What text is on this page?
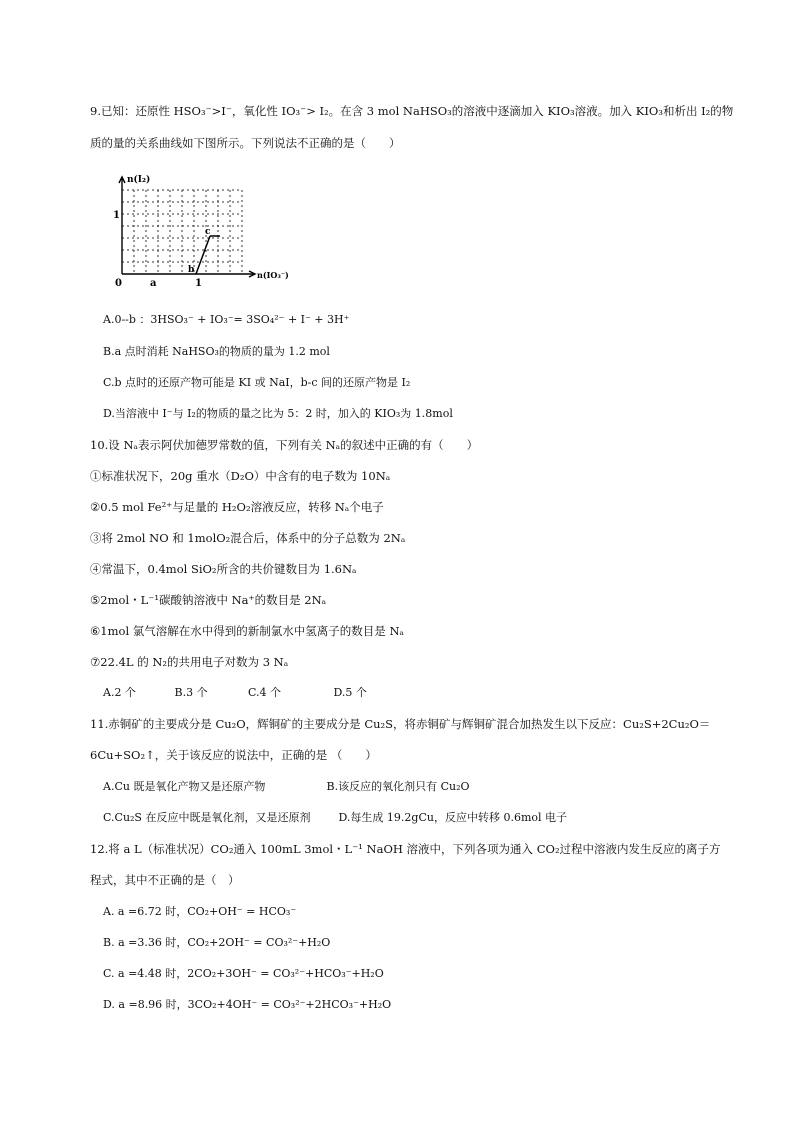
9.已知：还原性 HSO₃⁻>I⁻，氧化性 IO₃⁻> I₂。在含 3 mol NaHSO₃的溶液中逐滴加入 KIO₃溶液。加入 KIO₃和析出 I₂的物
质的量的关系曲线如下图所示。下列说法不正确的是（　　）
n(I₂)
n(IO₃⁻)
0	a	1
1
b
c
A.0--b ：3HSO₃⁻ + IO₃⁻= 3SO₄²⁻ + I⁻ + 3H⁺
B.a 点时消耗 NaHSO₃的物质的量为 1.2 mol
C.b 点时的还原产物可能是 KI 或 NaI，b-c 间的还原产物是 I₂
D.当溶液中 I⁻与 I₂的物质的量之比为 5：2 时，加入的 KIO₃为 1.8mol
10.设 Nₐ表示阿伏加德罗常数的值，下列有关 Nₐ的叙述中正确的有（　　）
①标准状况下，20g 重水（D₂O）中含有的电子数为 10Nₐ
②0.5 mol Fe²⁺与足量的 H₂O₂溶液反应，转移 Nₐ个电子
③将 2mol NO 和 1molO₂混合后，体系中的分子总数为 2Nₐ
④常温下，0.4mol SiO₂所含的共价键数目为 1.6Nₐ
⑤2mol・L⁻¹碳酸钠溶液中 Na⁺的数目是 2Nₐ
⑥1mol 氯气溶解在水中得到的新制氯水中氢离子的数目是 Nₐ
⑦22.4L 的 N₂的共用电子对数为 3 Nₐ
A.2 个	B.3 个	C.4 个	D.5 个
11.赤铜矿的主要成分是 Cu₂O，辉铜矿的主要成分是 Cu₂S，将赤铜矿与辉铜矿混合加热发生以下反应：Cu₂S+2Cu₂O＝
6Cu+SO₂↑，关于该反应的说法中，正确的是 （　　）
A.Cu 既是氧化产物又是还原产物	B.该反应的氧化剂只有 Cu₂O
C.Cu₂S 在反应中既是氧化剂，又是还原剂	D.每生成 19.2gCu，反应中转移 0.6mol 电子
12.将 a L（标准状况）CO₂通入 100mL 3mol・L⁻¹ NaOH 溶液中，下列各项为通入 CO₂过程中溶液内发生反应的离子方
程式，其中不正确的是（　）
A. a =6.72 时，CO₂+OH⁻ = HCO₃⁻
B. a =3.36 时，CO₂+2OH⁻ = CO₃²⁻+H₂O
C. a =4.48 时，2CO₂+3OH⁻ = CO₃²⁻+HCO₃⁻+H₂O
D. a =8.96 时，3CO₂+4OH⁻ = CO₃²⁻+2HCO₃⁻+H₂O
